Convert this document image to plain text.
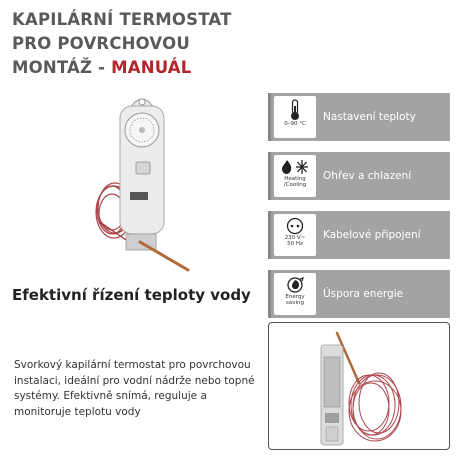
KAPILÁRNÍ TERMOSTAT
PRO POVRCHOVOU
MONTÁŽ - MANUÁL
0–90 °C
Nastavení teploty
Heating
/Cooling
Ohřev a chlazení
230 V~
50 Hz
Kabelové připojení
Energy
saving
Úspora energie
Efektivní řízení teploty vody
Svorkový kapilární termostat pro povrchovou instalaci, ideální pro vodní nádrže nebo topné systémy. Efektivně snímá, reguluje a monitoruje teplotu vody
